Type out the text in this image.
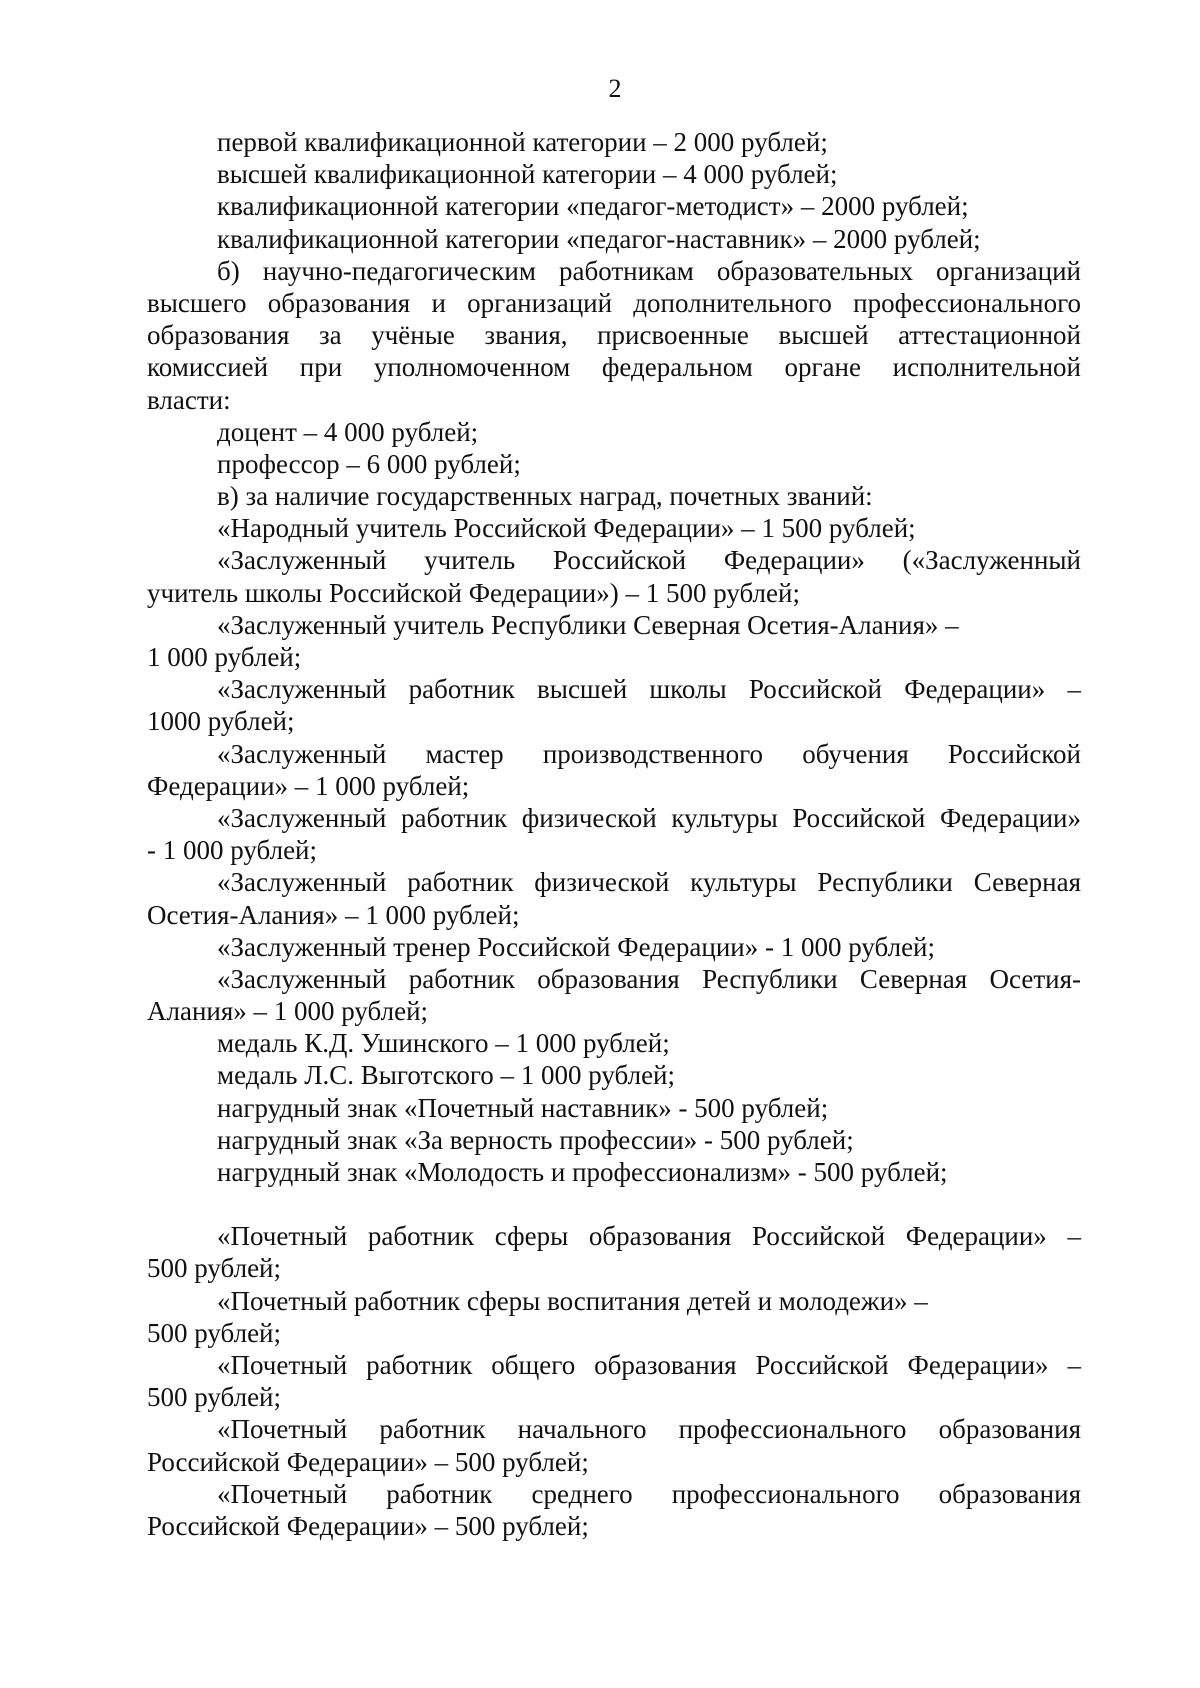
2

первой квалификационной категории – 2 000 рублей;

высшей квалификационной категории – 4 000 рублей;

квалификационной категории «педагог-методист» – 2000 рублей;

квалификационной категории «педагог-наставник» – 2000 рублей;

б) научно-педагогическим работникам образовательных организаций

высшего образования и организаций дополнительного профессионального

образования за учёные звания, присвоенные высшей аттестационной

комиссией при уполномоченном федеральном органе исполнительной

власти:

доцент – 4 000 рублей;

профессор – 6 000 рублей;

в) за наличие государственных наград, почетных званий:

«Народный учитель Российской Федерации» – 1 500 рублей;

«Заслуженный учитель Российской Федерации» («Заслуженный

учитель школы Российской Федерации») – 1 500 рублей;

«Заслуженный учитель Республики Северная Осетия-Алания» –

1 000 рублей;

«Заслуженный работник высшей школы Российской Федерации» –

1000 рублей;

«Заслуженный мастер производственного обучения Российской

Федерации» – 1 000 рублей;

«Заслуженный работник физической культуры Российской Федерации»

- 1 000 рублей;

«Заслуженный работник физической культуры Республики Северная

Осетия-Алания» – 1 000 рублей;

«Заслуженный тренер Российской Федерации» - 1 000 рублей;

«Заслуженный работник образования Республики Северная Осетия-

Алания» – 1 000 рублей;

медаль К.Д. Ушинского – 1 000 рублей;

медаль Л.С. Выготского – 1 000 рублей;

нагрудный знак «Почетный наставник» - 500 рублей;

нагрудный знак «За верность профессии» - 500 рублей;

нагрудный знак «Молодость и профессионализм» - 500 рублей;

«Почетный работник сферы образования Российской Федерации» –

500 рублей;

«Почетный работник сферы воспитания детей и молодежи» –

500 рублей;

«Почетный работник общего образования Российской Федерации» –

500 рублей;

«Почетный работник начального профессионального образования

Российской Федерации» – 500 рублей;

«Почетный работник среднего профессионального образования

Российской Федерации» – 500 рублей;
